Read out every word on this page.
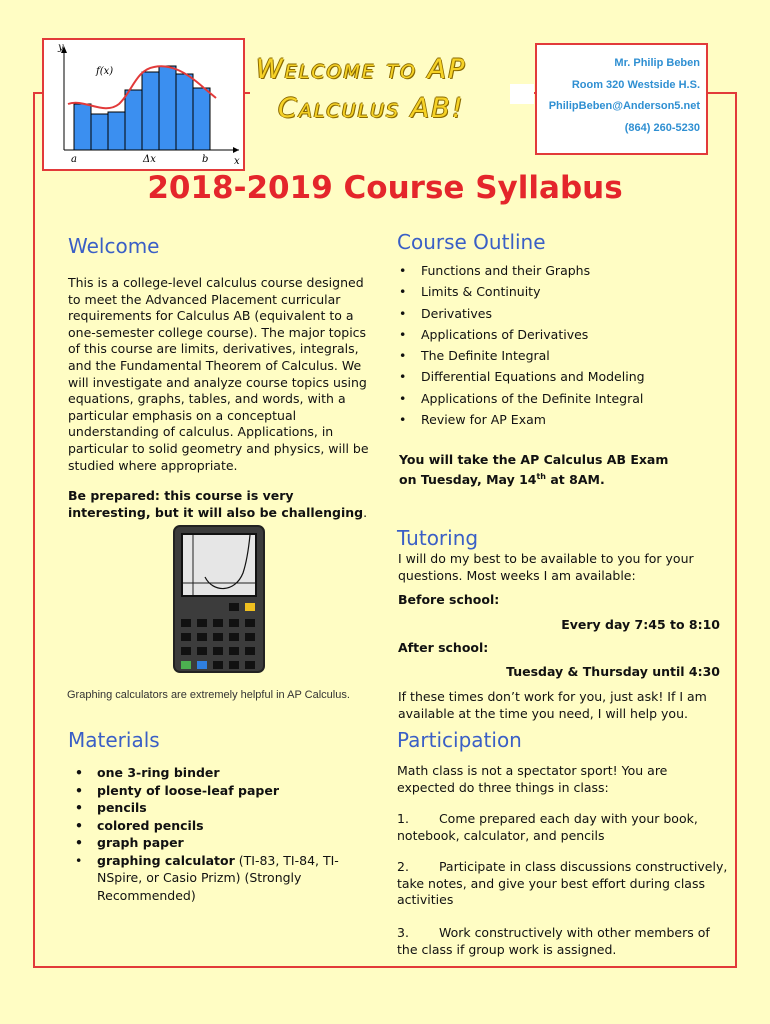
y
x
f(x)
a	Δx	b
Welcome to AP
Calculus AB!
Mr. Philip Beben
Room 320 Westside H.S.
PhilipBeben@Anderson5.net
(864) 260-5230
2018-2019 Course Syllabus
Welcome
This is a college-level calculus course designed to meet the Advanced Placement curricular requirements for Calculus AB (equivalent to a one-semester college course). The major topics of this course are limits, derivatives, integrals, and the Fundamental Theorem of Calculus. We will investigate and analyze course topics using equations, graphs, tables, and words, with a particular emphasis on a conceptual understanding of calculus. Applications, in particular to solid geometry and physics, will be studied where appropriate.
Be prepared: this course is very interesting, but it will also be challenging.
Graphing calculators are extremely helpful in AP Calculus.
Materials
• one 3-ring binder
• plenty of loose-leaf paper
• pencils
• colored pencils
• graph paper
• graphing calculator (TI-83, TI-84, TI-NSpire, or Casio Prizm) (Strongly Recommended)
Course Outline
• Functions and their Graphs
• Limits & Continuity
• Derivatives
• Applications of Derivatives
• The Definite Integral
• Differential Equations and Modeling
• Applications of the Definite Integral
• Review for AP Exam
You will take the AP Calculus AB Exam on Tuesday, May 14th at 8AM.
Tutoring
I will do my best to be available to you for your questions. Most weeks I am available:
Before school:
Every day 7:45 to 8:10
After school:
Tuesday & Thursday until 4:30
If these times don’t work for you, just ask! If I am available at the time you need, I will help you.
Participation
Math class is not a spectator sport! You are expected do three things in class:
1. Come prepared each day with your book, notebook, calculator, and pencils
2. Participate in class discussions constructively, take notes, and give your best effort during class activities
3. Work constructively with other members of the class if group work is assigned.
